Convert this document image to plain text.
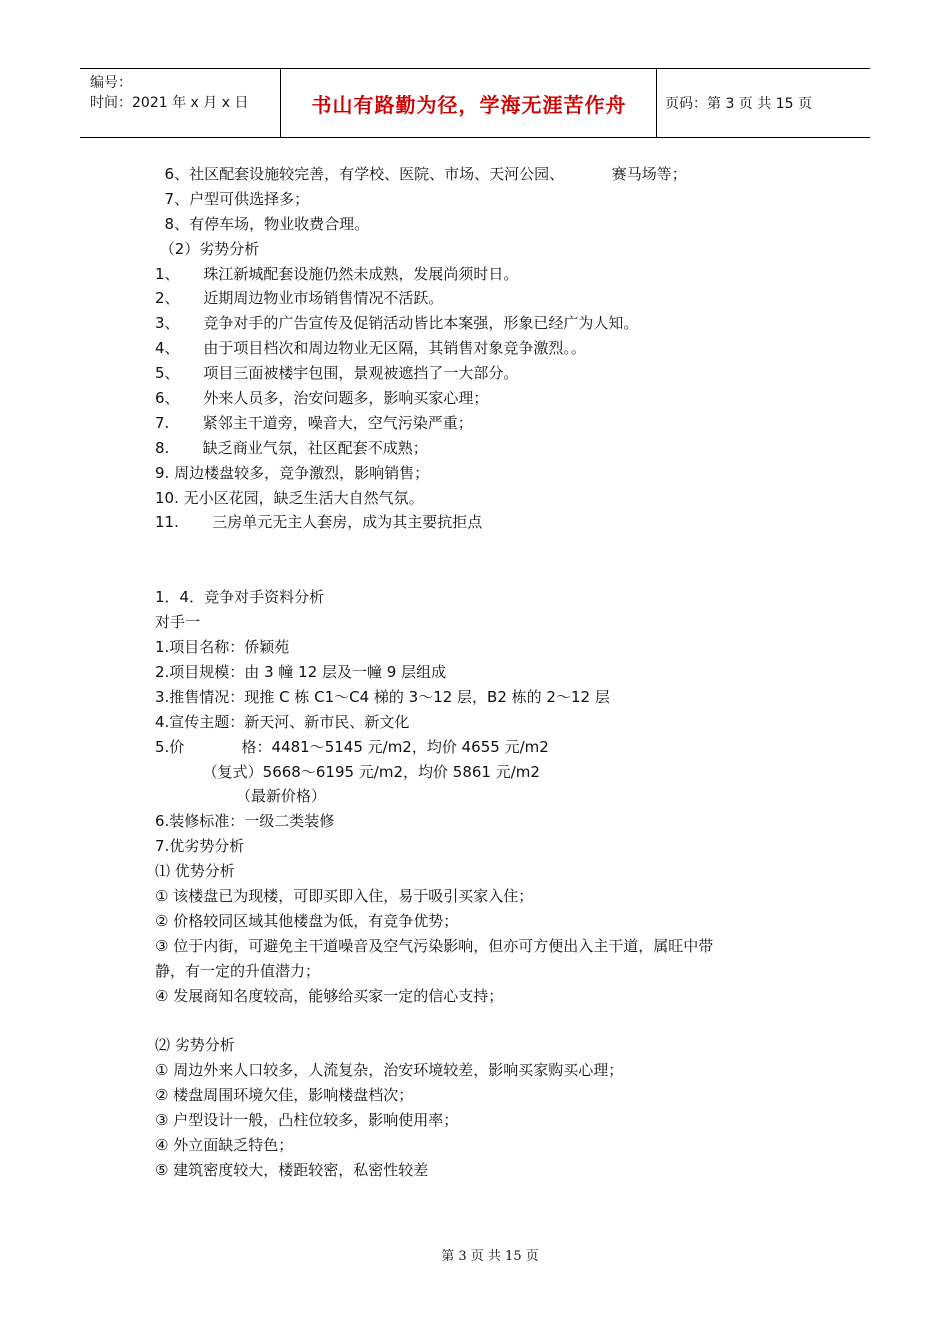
编号：
时间：2021 年 x 月 x 日	书山有路勤为径，学海无涯苦作舟	页码：第 3 页 共 15 页
6、社区配套设施较完善，有学校、医院、市场、天河公园、          赛马场等；
7、户型可供选择多；
8、有停车场，物业收费合理。
（2）劣势分析
1、     珠江新城配套设施仍然未成熟，发展尚须时日。
2、     近期周边物业市场销售情况不活跃。
3、     竞争对手的广告宣传及促销活动皆比本案强，形象已经广为人知。
4、     由于项目档次和周边物业无区隔，其销售对象竞争激烈。。
5、     项目三面被楼宇包围，景观被遮挡了一大部分。
6、     外来人员多，治安问题多，影响买家心理；
7.       紧邻主干道旁，噪音大，空气污染严重；
8.       缺乏商业气氛，社区配套不成熟；
9. 周边楼盘较多，竞争激烈，影响销售；
10. 无小区花园，缺乏生活大自然气氛。
11.       三房单元无主人套房，成为其主要抗拒点
1．4．竞争对手资料分析
对手一
1.项目名称：侨颖苑
2.项目规模：由 3 幢 12 层及一幢 9 层组成
3.推售情况：现推 C 栋 C1～C4 梯的 3～12 层，B2 栋的 2～12 层
4.宣传主题：新天河、新市民、新文化
5.价            格：4481～5145 元/m2，均价 4655 元/m2
（复式）5668～6195 元/m2，均价 5861 元/m2
（最新价格）
6.装修标准：一级二类装修
7.优劣势分析
⑴ 优势分析
① 该楼盘已为现楼，可即买即入住，易于吸引买家入住；
② 价格较同区域其他楼盘为低，有竞争优势；
③ 位于内街，可避免主干道噪音及空气污染影响，但亦可方便出入主干道，属旺中带
静，有一定的升值潜力；
④ 发展商知名度较高，能够给买家一定的信心支持；
⑵ 劣势分析
① 周边外来人口较多，人流复杂，治安环境较差，影响买家购买心理；
② 楼盘周围环境欠佳，影响楼盘档次；
③ 户型设计一般，凸柱位较多，影响使用率；
④ 外立面缺乏特色；
⑤ 建筑密度较大，楼距较密，私密性较差
第 3 页 共 15 页
